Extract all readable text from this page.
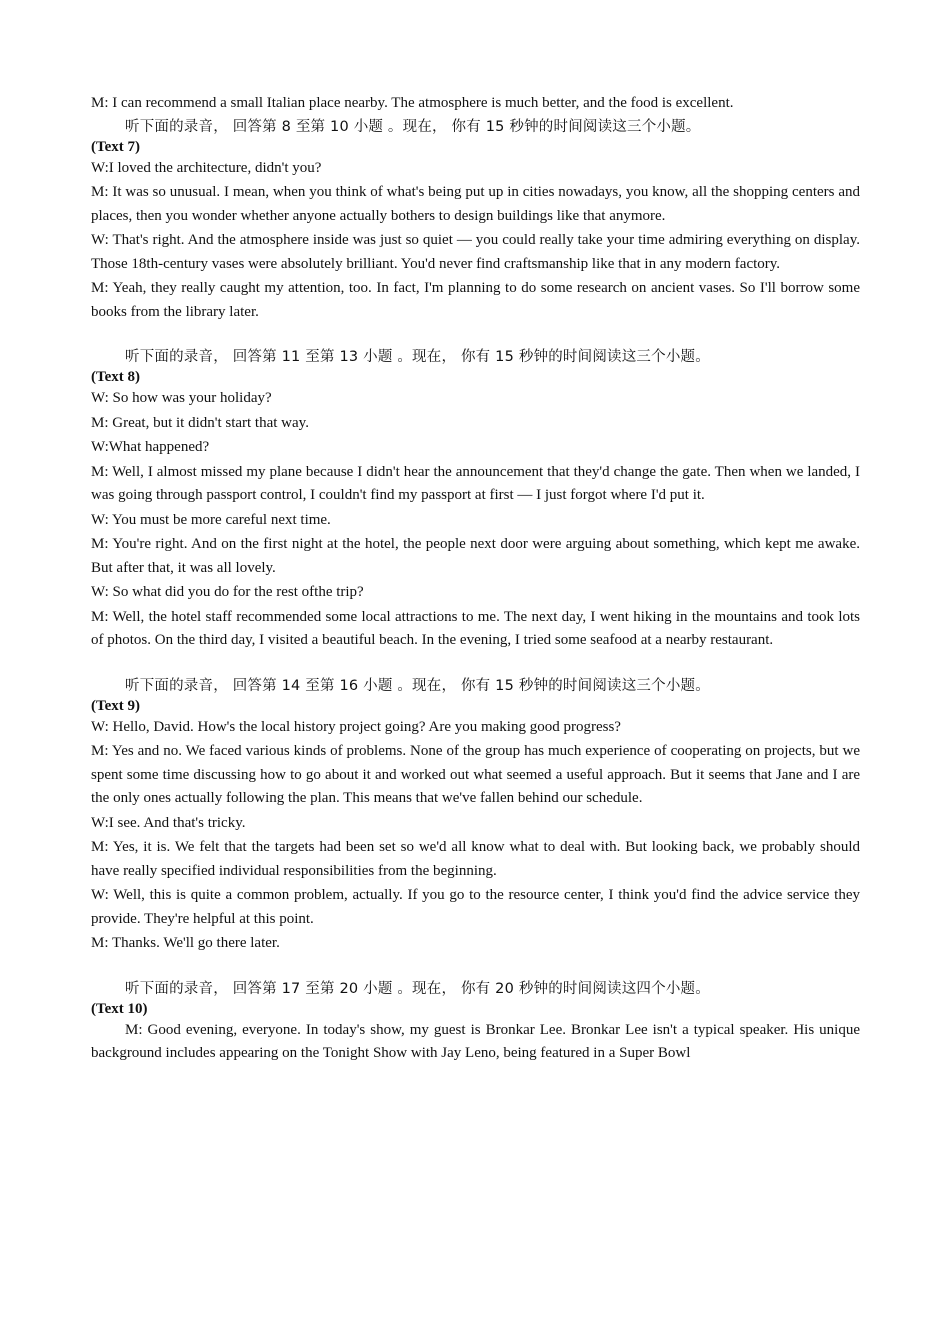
M: I can recommend a small Italian place nearby. The atmosphere is much better, and the food is excellent.

听下面的录音， 回答第 8 至第 10 小题 。现在， 你有 15 秒钟的时间阅读这三个小题。

(Text 7)

W:I loved the architecture, didn't you?

M: It was so unusual. I mean, when you think of what's being put up in cities nowadays, you know, all the shopping centers and places, then you wonder whether anyone actually bothers to design buildings like that anymore.

W: That's right. And the atmosphere inside was just so quiet — you could really take your time admiring everything on display. Those 18th-century vases were absolutely brilliant. You'd never find craftsmanship like that in any modern factory.

M: Yeah, they really caught my attention, too. In fact, I'm planning to do some research on ancient vases. So I'll borrow some books from the library later.

听下面的录音， 回答第 11 至第 13 小题 。现在， 你有 15 秒钟的时间阅读这三个小题。

(Text 8)

W: So how was your holiday?

M: Great, but it didn't start that way.

W:What happened?

M: Well, I almost missed my plane because I didn't hear the announcement that they'd change the gate. Then when we landed, I was going through passport control, I couldn't find my passport at first — I just forgot where I'd put it.

W: You must be more careful next time.

M: You're right. And on the first night at the hotel, the people next door were arguing about something, which kept me awake. But after that, it was all lovely.

W: So what did you do for the rest ofthe trip?

M: Well, the hotel staff recommended some local attractions to me. The next day, I went hiking in the mountains and took lots of photos. On the third day, I visited a beautiful beach. In the evening, I tried some seafood at a nearby restaurant.

听下面的录音， 回答第 14 至第 16 小题 。现在， 你有 15 秒钟的时间阅读这三个小题。

(Text 9)

W: Hello, David. How's the local history project going? Are you making good progress?

M: Yes and no. We faced various kinds of problems. None of the group has much experience of cooperating on projects, but we spent some time discussing how to go about it and worked out what seemed a useful approach. But it seems that Jane and I are the only ones actually following the plan. This means that we've fallen behind our schedule.

W:I see. And that's tricky.

M: Yes, it is. We felt that the targets had been set so we'd all know what to deal with. But looking back, we probably should have really specified individual responsibilities from the beginning.

W: Well, this is quite a common problem, actually. If you go to the resource center, I think you'd find the advice service they provide. They're helpful at this point.

M: Thanks. We'll go there later.

听下面的录音， 回答第 17 至第 20 小题 。现在， 你有 20 秒钟的时间阅读这四个小题。

(Text 10)

M: Good evening, everyone. In today's show, my guest is Bronkar Lee. Bronkar Lee isn't a typical speaker. His unique background includes appearing on the Tonight Show with Jay Leno, being featured in a Super Bowl
